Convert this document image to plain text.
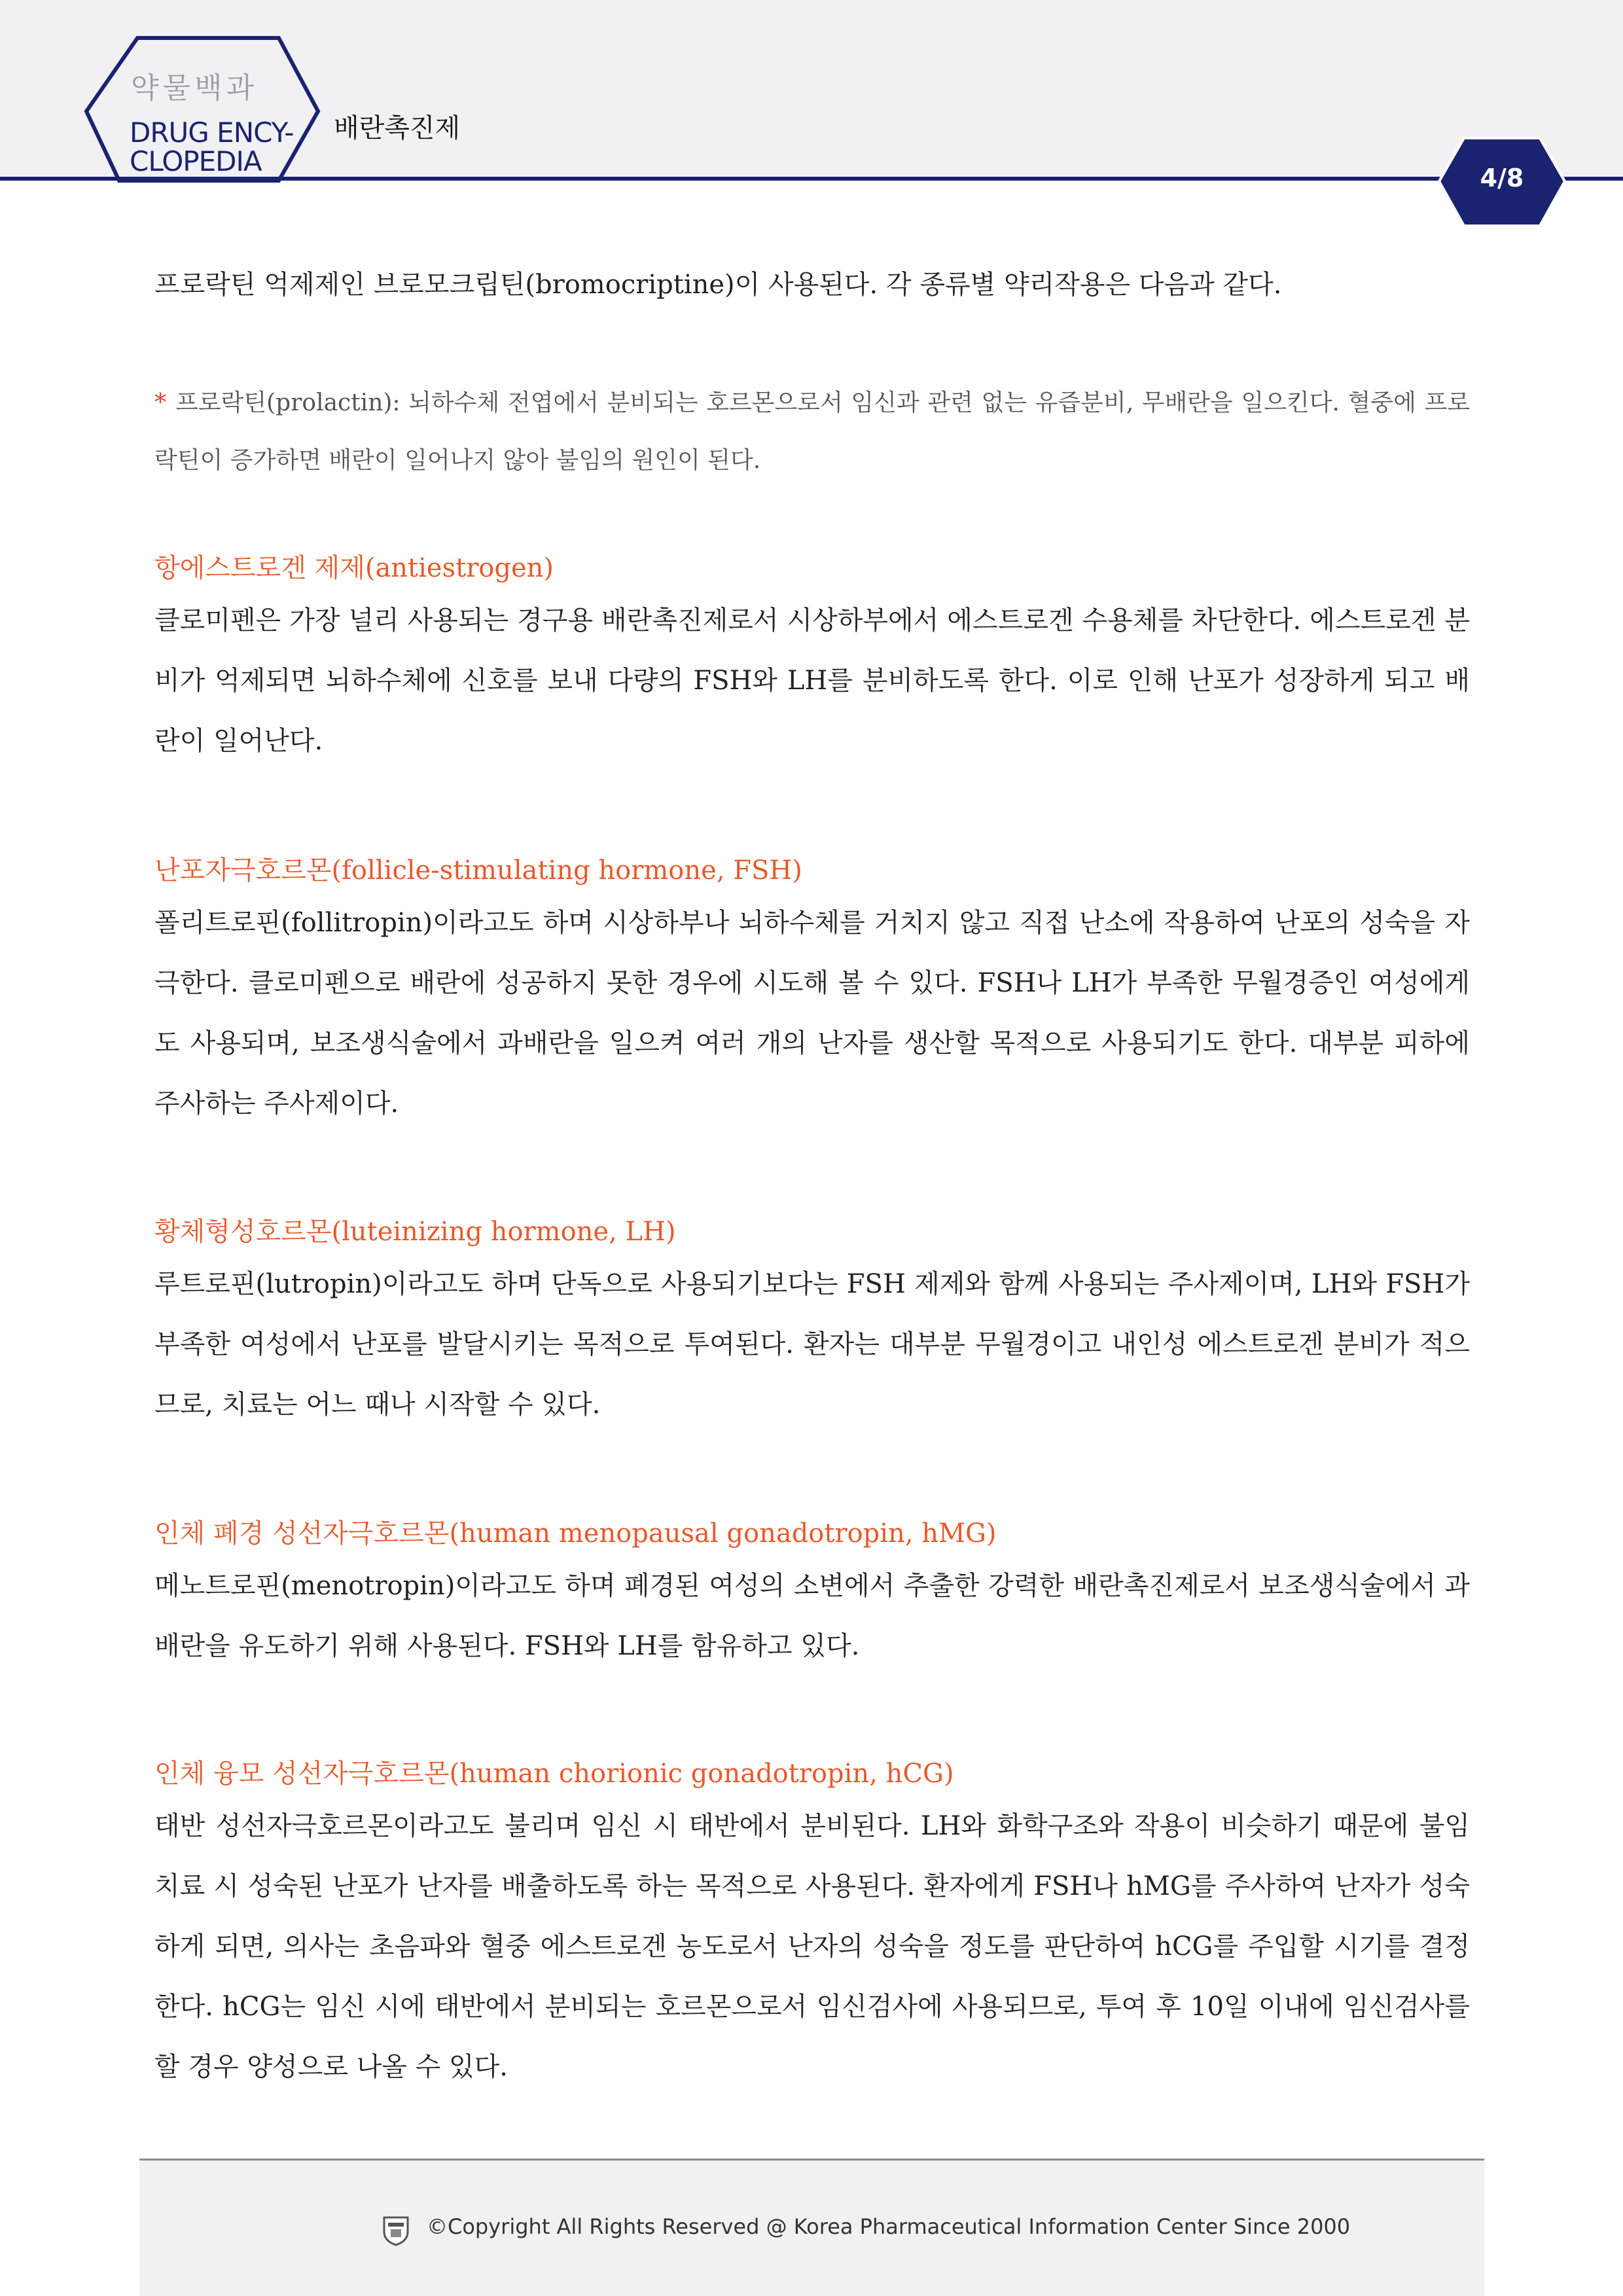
약물백과
DRUG ENCY-
CLOPEDIA
배란촉진제
4/8

프로락틴 억제제인 브로모크립틴(bromocriptine)이 사용된다. 각 종류별 약리작용은 다음과 같다.

* 프로락틴(prolactin): 뇌하수체 전엽에서 분비되는 호르몬으로서 임신과 관련 없는 유즙분비, 무배란을 일으킨다. 혈중에 프로락틴이 증가하면 배란이 일어나지 않아 불임의 원인이 된다.

항에스트로겐 제제(antiestrogen)

클로미펜은 가장 널리 사용되는 경구용 배란촉진제로서 시상하부에서 에스트로겐 수용체를 차단한다. 에스트로겐 분비가 억제되면 뇌하수체에 신호를 보내 다량의 FSH와 LH를 분비하도록 한다. 이로 인해 난포가 성장하게 되고 배란이 일어난다.

난포자극호르몬(follicle-stimulating hormone, FSH)

폴리트로핀(follitropin)이라고도 하며 시상하부나 뇌하수체를 거치지 않고 직접 난소에 작용하여 난포의 성숙을 자극한다. 클로미펜으로 배란에 성공하지 못한 경우에 시도해 볼 수 있다. FSH나 LH가 부족한 무월경증인 여성에게도 사용되며, 보조생식술에서 과배란을 일으켜 여러 개의 난자를 생산할 목적으로 사용되기도 한다. 대부분 피하에 주사하는 주사제이다.

황체형성호르몬(luteinizing hormone, LH)

루트로핀(lutropin)이라고도 하며 단독으로 사용되기보다는 FSH 제제와 함께 사용되는 주사제이며, LH와 FSH가 부족한 여성에서 난포를 발달시키는 목적으로 투여된다. 환자는 대부분 무월경이고 내인성 에스트로겐 분비가 적으므로, 치료는 어느 때나 시작할 수 있다.

인체 폐경 성선자극호르몬(human menopausal gonadotropin, hMG)

메노트로핀(menotropin)이라고도 하며 폐경된 여성의 소변에서 추출한 강력한 배란촉진제로서 보조생식술에서 과배란을 유도하기 위해 사용된다. FSH와 LH를 함유하고 있다.

인체 융모 성선자극호르몬(human chorionic gonadotropin, hCG)

태반 성선자극호르몬이라고도 불리며 임신 시 태반에서 분비된다. LH와 화학구조와 작용이 비슷하기 때문에 불임 치료 시 성숙된 난포가 난자를 배출하도록 하는 목적으로 사용된다. 환자에게 FSH나 hMG를 주사하여 난자가 성숙하게 되면, 의사는 초음파와 혈중 에스트로겐 농도로서 난자의 성숙을 정도를 판단하여 hCG를 주입할 시기를 결정한다. hCG는 임신 시에 태반에서 분비되는 호르몬으로서 임신검사에 사용되므로, 투여 후 10일 이내에 임신검사를 할 경우 양성으로 나올 수 있다.

©Copyright All Rights Reserved @ Korea Pharmaceutical Information Center Since 2000
